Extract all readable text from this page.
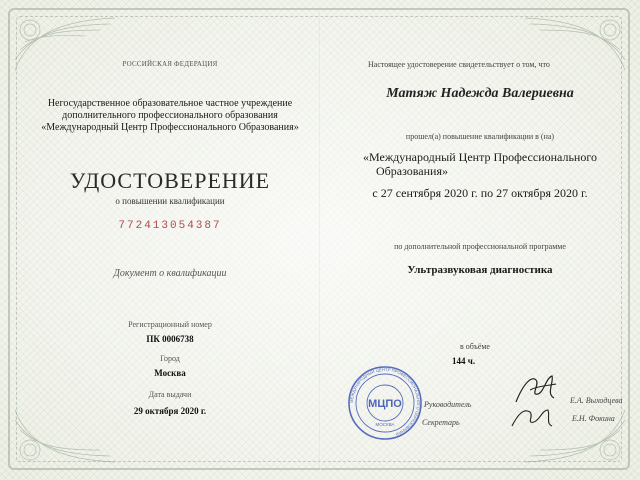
РОССИЙСКАЯ ФЕДЕРАЦИЯ
Негосударственное образовательное частное учреждение
дополнительного профессионального образования
«Международный Центр Профессионального Образования»
УДОСТОВЕРЕНИЕ
о повышении квалификации
772413054387
Документ о квалификации
Регистрационный номер
ПК 0006738
Город
Москва
Дата выдачи
29 октября 2020 г.
Настоящее удостоверение свидетельствует о том, что
Матяж Надежда Валериевна
прошел(а) повышение квалификации в (на)
«Международный Центр Профессионального
Образования»
с 27 сентября 2020 г. по 27 октября 2020 г.
по дополнительной профессиональной программе
Ультразвуковая диагностика
в объёме
144 ч.
Руководитель
Секретарь
Е.А. Выходцева
Е.Н. Фокина
МЕЖДУНАРОДНЫЙ ЦЕНТР ПРОФЕССИОНАЛЬНОГО ОБРАЗОВАНИЯ
МЦПО
МОСКВА
